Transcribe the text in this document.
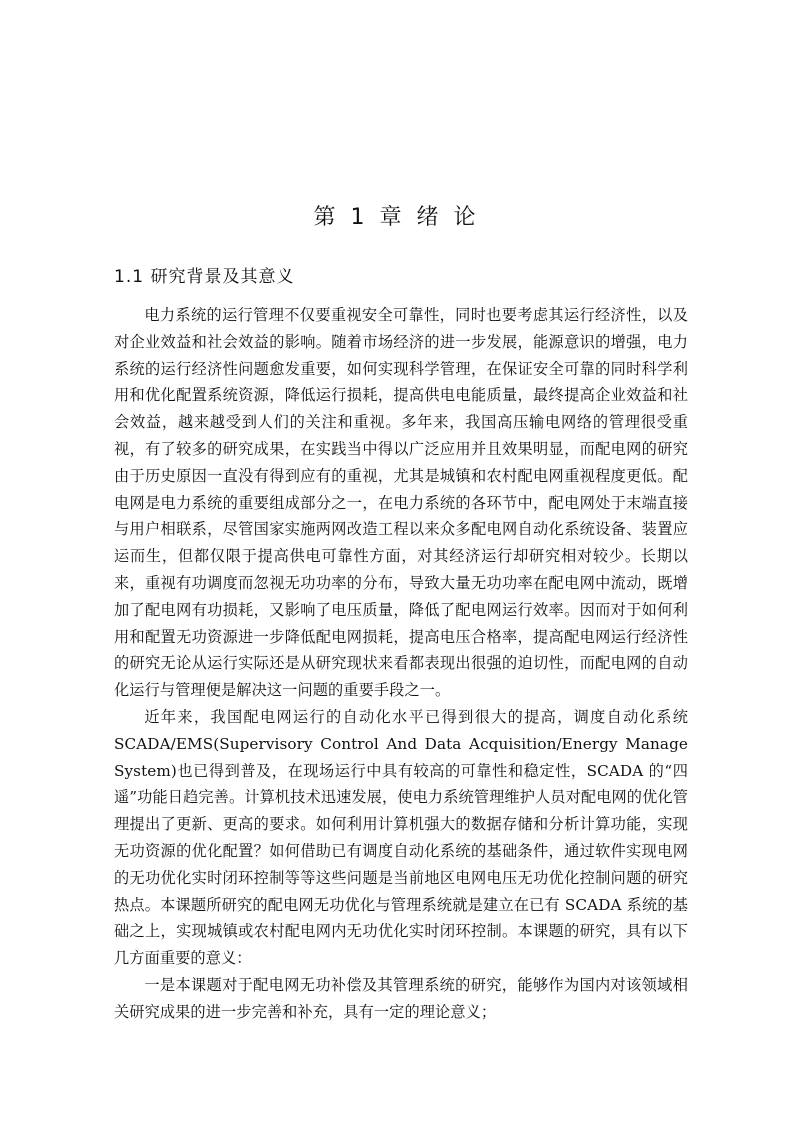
第 1 章 绪 论
1.1 研究背景及其意义

电力系统的运行管理不仅要重视安全可靠性，同时也要考虑其运行经济性，以及对企业效益和社会效益的影响。随着市场经济的进一步发展，能源意识的增强，电力系统的运行经济性问题愈发重要，如何实现科学管理，在保证安全可靠的同时科学利用和优化配置系统资源，降低运行损耗，提高供电电能质量，最终提高企业效益和社会效益，越来越受到人们的关注和重视。多年来，我国高压输电网络的管理很受重视，有了较多的研究成果，在实践当中得以广泛应用并且效果明显，而配电网的研究由于历史原因一直没有得到应有的重视，尤其是城镇和农村配电网重视程度更低。配电网是电力系统的重要组成部分之一，在电力系统的各环节中，配电网处于末端直接与用户相联系，尽管国家实施两网改造工程以来众多配电网自动化系统设备、装置应运而生，但都仅限于提高供电可靠性方面，对其经济运行却研究相对较少。长期以来，重视有功调度而忽视无功功率的分布，导致大量无功功率在配电网中流动，既增加了配电网有功损耗，又影响了电压质量，降低了配电网运行效率。因而对于如何利用和配置无功资源进一步降低配电网损耗，提高电压合格率，提高配电网运行经济性的研究无论从运行实际还是从研究现状来看都表现出很强的迫切性，而配电网的自动化运行与管理便是解决这一问题的重要手段之一。

近年来，我国配电网运行的自动化水平已得到很大的提高，调度自动化系统 SCADA/EMS(Supervisory Control And Data Acquisition/Energy Manage System)也已得到普及，在现场运行中具有较高的可靠性和稳定性，SCADA 的“四遥”功能日趋完善。计算机技术迅速发展，使电力系统管理维护人员对配电网的优化管理提出了更新、更高的要求。如何利用计算机强大的数据存储和分析计算功能，实现无功资源的优化配置？如何借助已有调度自动化系统的基础条件，通过软件实现电网的无功优化实时闭环控制等等这些问题是当前地区电网电压无功优化控制问题的研究热点。本课题所研究的配电网无功优化与管理系统就是建立在已有 SCADA 系统的基础之上，实现城镇或农村配电网内无功优化实时闭环控制。本课题的研究，具有以下几方面重要的意义：

一是本课题对于配电网无功补偿及其管理系统的研究，能够作为国内对该领域相关研究成果的进一步完善和补充，具有一定的理论意义；
